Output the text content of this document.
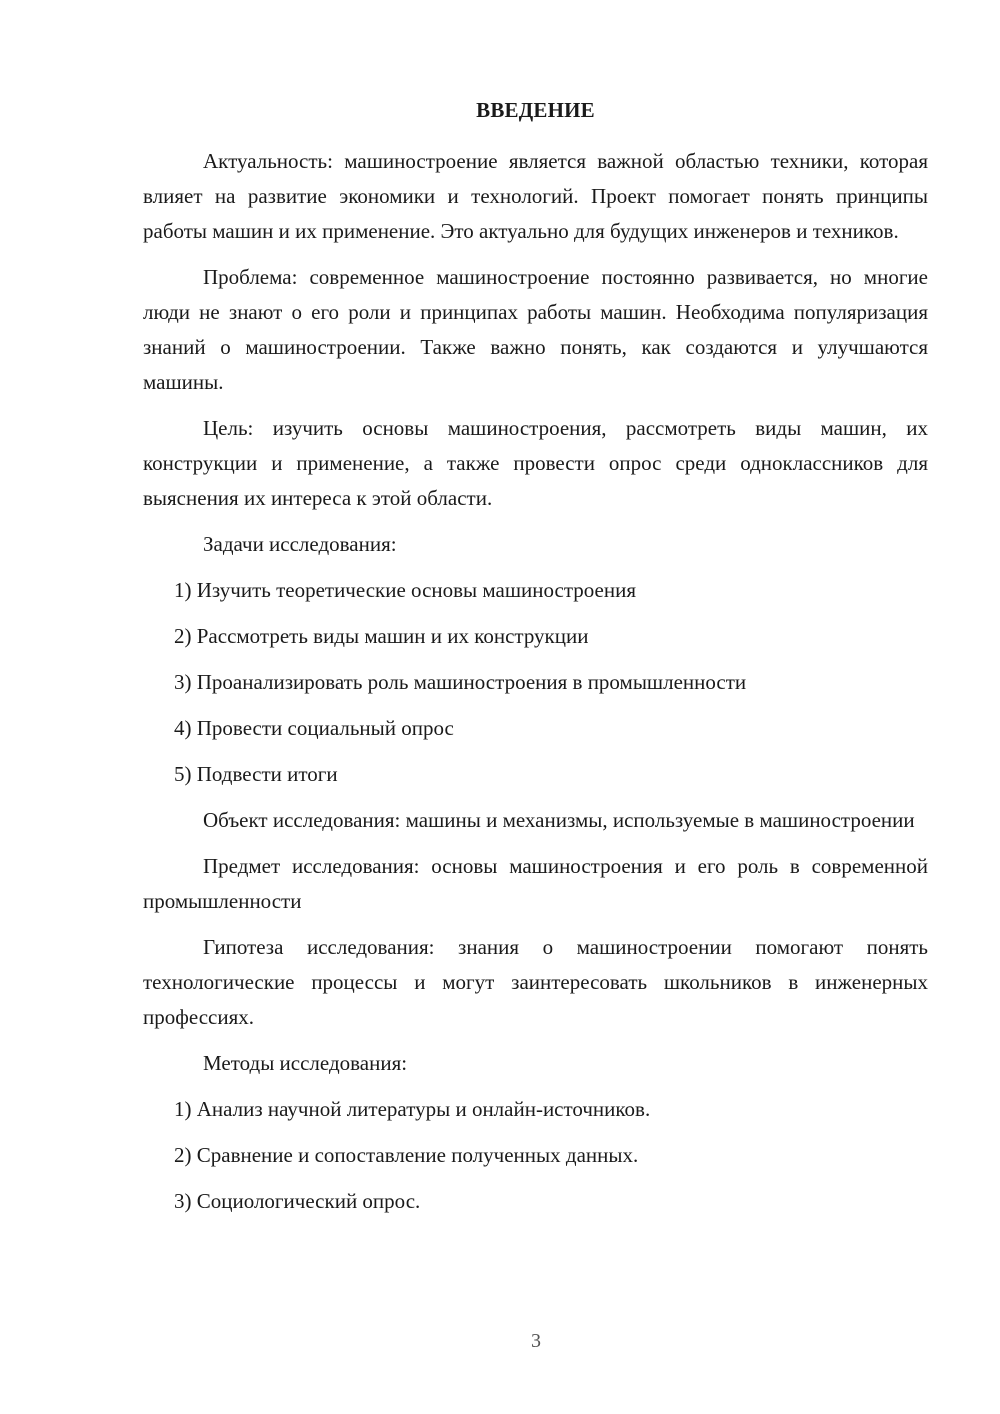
ВВЕДЕНИЕ

Актуальность: машиностроение является важной областью техники, которая влияет на развитие экономики и технологий. Проект помогает понять принципы работы машин и их применение. Это актуально для будущих инженеров и техников.

Проблема: современное машиностроение постоянно развивается, но многие люди не знают о его роли и принципах работы машин. Необходима популяризация знаний о машиностроении. Также важно понять, как создаются и улучшаются машины.

Цель: изучить основы машиностроения, рассмотреть виды машин, их конструкции и применение, а также провести опрос среди одноклассников для выяснения их интереса к этой области.

Задачи исследования:

1) Изучить теоретические основы машиностроения
2) Рассмотреть виды машин и их конструкции
3) Проанализировать роль машиностроения в промышленности
4) Провести социальный опрос
5) Подвести итоги

Объект исследования: машины и механизмы, используемые в машиностроении

Предмет исследования: основы машиностроения и его роль в современной промышленности

Гипотеза исследования: знания о машиностроении помогают понять технологические процессы и могут заинтересовать школьников в инженерных профессиях.

Методы исследования:

1) Анализ научной литературы и онлайн-источников.
2) Сравнение и сопоставление полученных данных.
3) Социологический опрос.
3
